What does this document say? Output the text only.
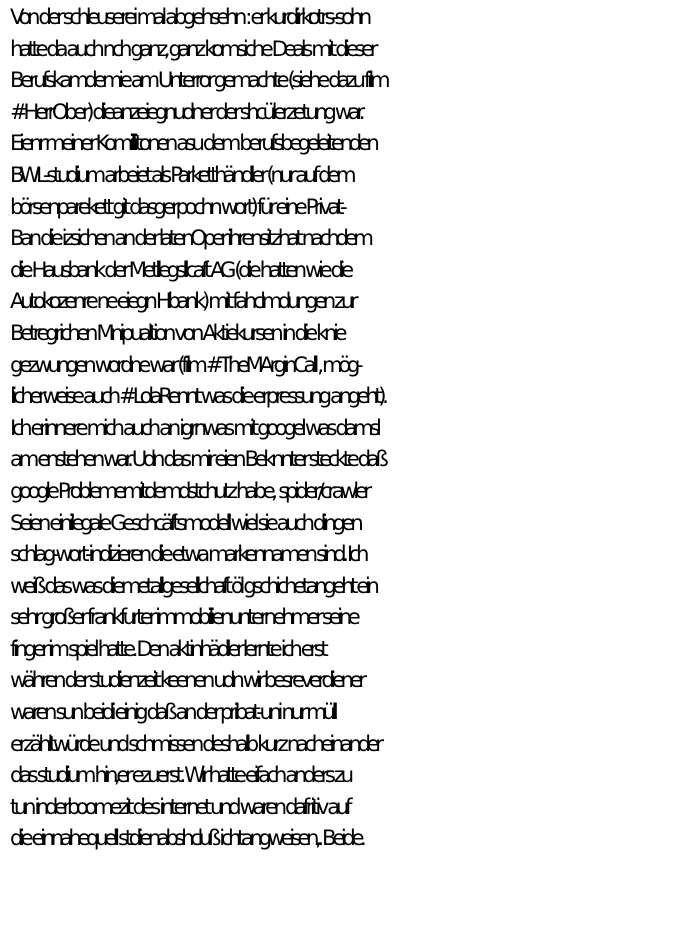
Von der schleuserei mal abgehsehn : er kurdirkotrs-sohn
hatte da auch nch ganz, ganz komsiche Deals mit dieser
Berufskamdemie am Unterror gemachte (siehe dazu film
#HerrOber) dieanzeiegnudner der shcülerzetung war.
Eienr meiner Komillitonen asu dem berufsbegeleitenden
BWL-studium arbeiet als Parketthändler (nur auf dem
börsenparekett git dasgerpochn wort) für eine Privat-
Ban die izsichen an der latenOper ihrensitzhat nachdem
die Hausbank der Metllegsllcaft AG (die hatten wie die
Autokozenre ne eiegn Hbank) mit fahclmdungen zur
Betregrichen Mnipualtion von Aktiekursen in die knie
gezwungen wordne war (film #TheMArginCall , mög-
licherweise auch #LolaRennt was die erpressung angeht).
Ich erinnere mich auch an igrnwas mit googel was damsl
am enstehen war. Udn das mir eien Beknnter steckte daß
google Problememitdemdstchutz habe,  spider/crawler
Seien einilegale Geschcäftsmodell wiel sie auch dingen
schlag-wort-indizieren die etwa markennamen sind. Ich
weiß das was diemetallgesellchaft öl gschichetangeht ein
sehr großer frankfurter immobilienunternehmer seine
finger im spiel hatte. Den aktinhädler lernte ich erst
währen der studienzeit keenen udn wir besreverdiener
waren sun beidi einig daß an der pribat-uni nur müll
erzähltwürde und schmissen deshalb kurz nacheinander
das studium hin,er ezuerst. Wir hatte eifach anders zu
tun inderboomezit des internet und waren dafritiv auf
die einnahequell stdienabshcluß ichtangweisen,. Beide.
